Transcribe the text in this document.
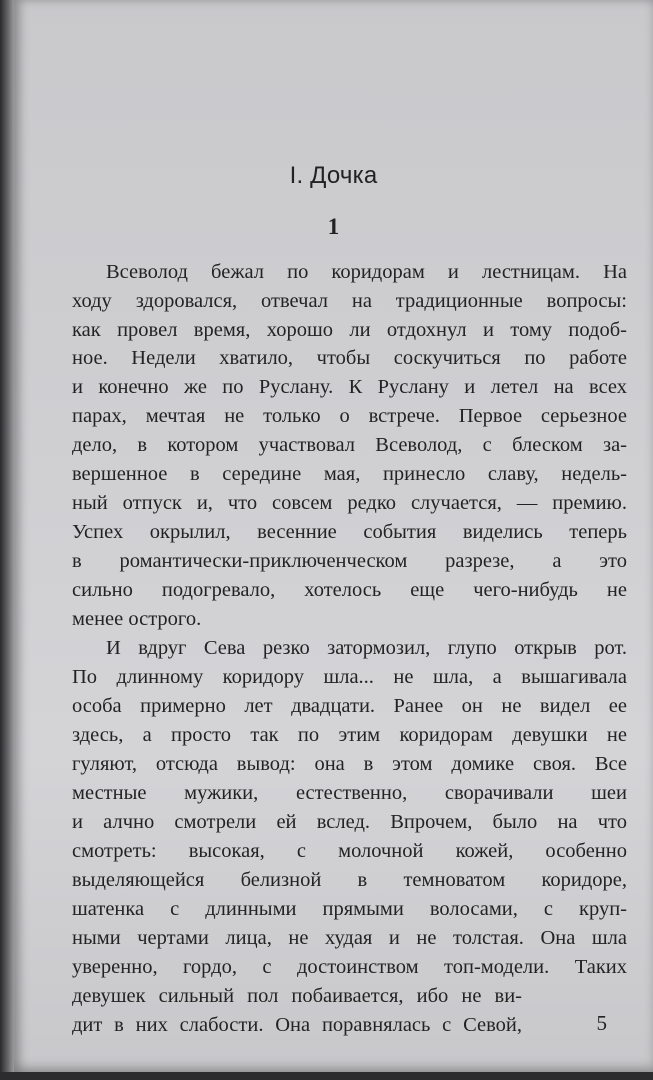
I. Дочка
1
Всеволод бежал по коридорам и лестницам. На
ходу здоровался, отвечал на традиционные вопросы:
как провел время, хорошо ли отдохнул и тому подоб-
ное. Недели хватило, чтобы соскучиться по работе
и конечно же по Руслану. К Руслану и летел на всех
парах, мечтая не только о встрече. Первое серьезное
дело, в котором участвовал Всеволод, с блеском за-
вершенное в середине мая, принесло славу, недель-
ный отпуск и, что совсем редко случается, — премию.
Успех окрылил, весенние события виделись теперь
в романтически-приключенческом разрезе, а это
сильно подогревало, хотелось еще чего-нибудь не
менее острого.
И вдруг Сева резко затормозил, глупо открыв рот.
По длинному коридору шла... не шла, а вышагивала
особа примерно лет двадцати. Ранее он не видел ее
здесь, а просто так по этим коридорам девушки не
гуляют, отсюда вывод: она в этом домике своя. Все
местные мужики, естественно, сворачивали шеи
и алчно смотрели ей вслед. Впрочем, было на что
смотреть: высокая, с молочной кожей, особенно
выделяющейся белизной в темноватом коридоре,
шатенка с длинными прямыми волосами, с круп-
ными чертами лица, не худая и не толстая. Она шла
уверенно, гордо, с достоинством топ-модели. Таких
девушек сильный пол побаивается, ибо не ви-
дит в них слабости. Она поравнялась с Севой,	5
